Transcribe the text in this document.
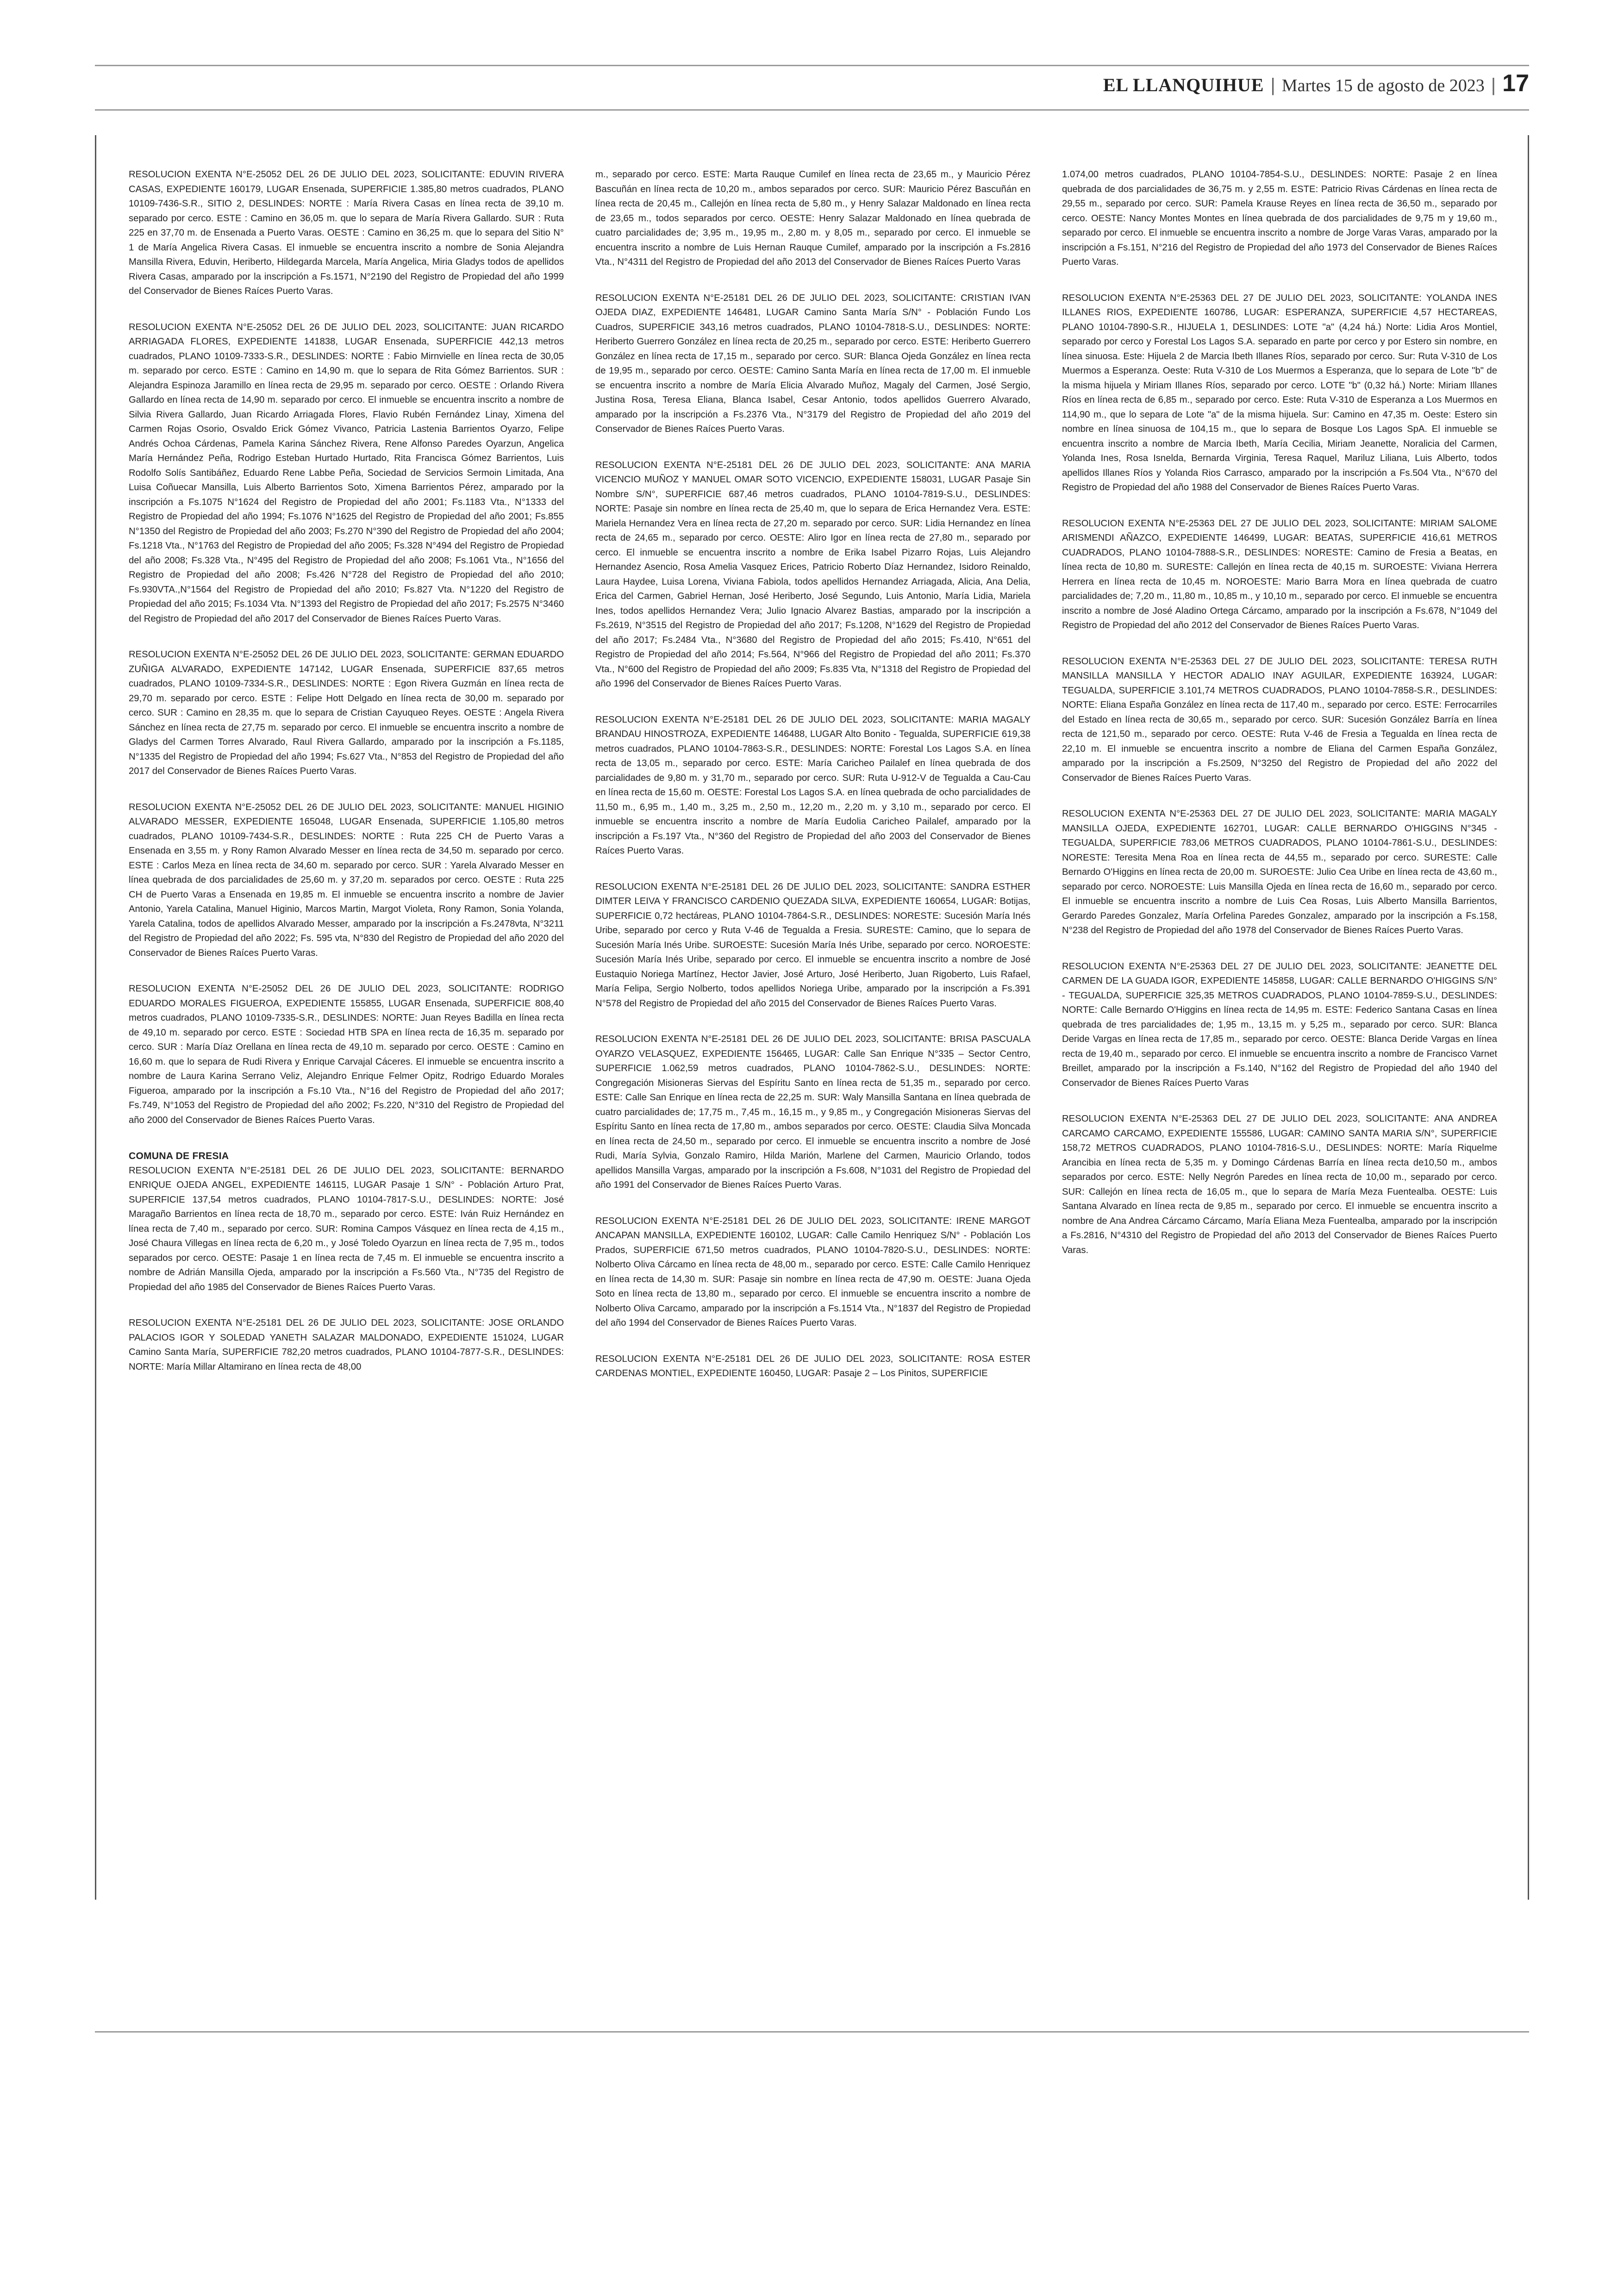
EL LLANQUIHUE | Martes 15 de agosto de 2023 | 17

RESOLUCION EXENTA N°E-25052 DEL 26 DE JULIO DEL 2023, SOLICITANTE: EDUVIN RIVERA CASAS, EXPEDIENTE 160179, LUGAR Ensenada, SUPERFICIE 1.385,80 metros cuadrados, PLANO 10109-7436-S.R., SITIO 2, DESLINDES: NORTE : María Rivera Casas en línea recta de 39,10 m. separado por cerco. ESTE : Camino en 36,05 m. que lo separa de María Rivera Gallardo. SUR : Ruta 225 en 37,70 m. de Ensenada a Puerto Varas. OESTE : Camino en 36,25 m. que lo separa del Sitio N° 1 de María Angelica Rivera Casas. El inmueble se encuentra inscrito a nombre de Sonia Alejandra Mansilla Rivera, Eduvin, Heriberto, Hildegarda Marcela, María Angelica, Miria Gladys todos de apellidos Rivera Casas, amparado por la inscripción a Fs.1571, N°2190 del Registro de Propiedad del año 1999 del Conservador de Bienes Raíces Puerto Varas.

RESOLUCION EXENTA N°E-25052 DEL 26 DE JULIO DEL 2023, SOLICITANTE: JUAN RICARDO ARRIAGADA FLORES, EXPEDIENTE 141838, LUGAR Ensenada, SUPERFICIE 442,13 metros cuadrados, PLANO 10109-7333-S.R., DESLINDES: NORTE : Fabio Mirnvielle en línea recta de 30,05 m. separado por cerco. ESTE : Camino en 14,90 m. que lo separa de Rita Gómez Barrientos. SUR : Alejandra Espinoza Jaramillo en línea recta de 29,95 m. separado por cerco. OESTE : Orlando Rivera Gallardo en línea recta de 14,90 m. separado por cerco. El inmueble se encuentra inscrito a nombre de Silvia Rivera Gallardo, Juan Ricardo Arriagada Flores, Flavio Rubén Fernández Linay, Ximena del Carmen Rojas Osorio, Osvaldo Erick Gómez Vivanco, Patricia Lastenia Barrientos Oyarzo, Felipe Andrés Ochoa Cárdenas, Pamela Karina Sánchez Rivera, Rene Alfonso Paredes Oyarzun, Angelica María Hernández Peña, Rodrigo Esteban Hurtado Hurtado, Rita Francisca Gómez Barrientos, Luis Rodolfo Solís Santibáñez, Eduardo Rene Labbe Peña, Sociedad de Servicios Sermoin Limitada, Ana Luisa Coñuecar Mansilla, Luis Alberto Barrientos Soto, Ximena Barrientos Pérez, amparado por la inscripción a Fs.1075 N°1624 del Registro de Propiedad del año 2001; Fs.1183 Vta., N°1333 del Registro de Propiedad del año 1994; Fs.1076 N°1625 del Registro de Propiedad del año 2001; Fs.855 N°1350 del Registro de Propiedad del año 2003; Fs.270 N°390 del Registro de Propiedad del año 2004; Fs.1218 Vta., N°1763 del Registro de Propiedad del año 2005; Fs.328 N°494 del Registro de Propiedad del año 2008; Fs.328 Vta., N°495 del Registro de Propiedad del año 2008; Fs.1061 Vta., N°1656 del Registro de Propiedad del año 2008; Fs.426 N°728 del Registro de Propiedad del año 2010; Fs.930VTA.,N°1564 del Registro de Propiedad del año 2010; Fs.827 Vta. N°1220 del Registro de Propiedad del año 2015; Fs.1034 Vta. N°1393 del Registro de Propiedad del año 2017; Fs.2575 N°3460 del Registro de Propiedad del año 2017 del Conservador de Bienes Raíces Puerto Varas.

RESOLUCION EXENTA N°E-25052 DEL 26 DE JULIO DEL 2023, SOLICITANTE: GERMAN EDUARDO ZUÑIGA ALVARADO, EXPEDIENTE 147142, LUGAR Ensenada, SUPERFICIE 837,65 metros cuadrados, PLANO 10109-7334-S.R., DESLINDES: NORTE : Egon Rivera Guzmán en línea recta de 29,70 m. separado por cerco. ESTE : Felipe Hott Delgado en línea recta de 30,00 m. separado por cerco. SUR : Camino en 28,35 m. que lo separa de Cristian Cayuqueo Reyes. OESTE : Angela Rivera Sánchez en línea recta de 27,75 m. separado por cerco. El inmueble se encuentra inscrito a nombre de Gladys del Carmen Torres Alvarado, Raul Rivera Gallardo, amparado por la inscripción a Fs.1185, N°1335 del Registro de Propiedad del año 1994; Fs.627 Vta., N°853 del Registro de Propiedad del año 2017 del Conservador de Bienes Raíces Puerto Varas.

RESOLUCION EXENTA N°E-25052 DEL 26 DE JULIO DEL 2023, SOLICITANTE: MANUEL HIGINIO ALVARADO MESSER, EXPEDIENTE 165048, LUGAR Ensenada, SUPERFICIE 1.105,80 metros cuadrados, PLANO 10109-7434-S.R., DESLINDES: NORTE : Ruta 225 CH de Puerto Varas a Ensenada en 3,55 m. y Rony Ramon Alvarado Messer en línea recta de 34,50 m. separado por cerco. ESTE : Carlos Meza en línea recta de 34,60 m. separado por cerco. SUR : Yarela Alvarado Messer en línea quebrada de dos parcialidades de 25,60 m. y 37,20 m. separados por cerco. OESTE : Ruta 225 CH de Puerto Varas a Ensenada en 19,85 m. El inmueble se encuentra inscrito a nombre de Javier Antonio, Yarela Catalina, Manuel Higinio, Marcos Martin, Margot Violeta, Rony Ramon, Sonia Yolanda, Yarela Catalina, todos de apellidos Alvarado Messer, amparado por la inscripción a Fs.2478vta, N°3211 del Registro de Propiedad del año 2022; Fs. 595 vta, N°830 del Registro de Propiedad del año 2020 del Conservador de Bienes Raíces Puerto Varas.

RESOLUCION EXENTA N°E-25052 DEL 26 DE JULIO DEL 2023, SOLICITANTE: RODRIGO EDUARDO MORALES FIGUEROA, EXPEDIENTE 155855, LUGAR Ensenada, SUPERFICIE 808,40 metros cuadrados, PLANO 10109-7335-S.R., DESLINDES: NORTE: Juan Reyes Badilla en línea recta de 49,10 m. separado por cerco. ESTE : Sociedad HTB SPA en línea recta de 16,35 m. separado por cerco. SUR : María Díaz Orellana en línea recta de 49,10 m. separado por cerco. OESTE : Camino en 16,60 m. que lo separa de Rudi Rivera y Enrique Carvajal Cáceres. El inmueble se encuentra inscrito a nombre de Laura Karina Serrano Veliz, Alejandro Enrique Felmer Opitz, Rodrigo Eduardo Morales Figueroa, amparado por la inscripción a Fs.10 Vta., N°16 del Registro de Propiedad del año 2017; Fs.749, N°1053 del Registro de Propiedad del año 2002; Fs.220, N°310 del Registro de Propiedad del año 2000 del Conservador de Bienes Raíces Puerto Varas.

COMUNA DE FRESIA

RESOLUCION EXENTA N°E-25181 DEL 26 DE JULIO DEL 2023, SOLICITANTE: BERNARDO ENRIQUE OJEDA ANGEL, EXPEDIENTE 146115, LUGAR Pasaje 1 S/N° - Población Arturo Prat, SUPERFICIE 137,54 metros cuadrados, PLANO 10104-7817-S.U., DESLINDES: NORTE: José Maragaño Barrientos en línea recta de 18,70 m., separado por cerco. ESTE: Iván Ruiz Hernández en línea recta de 7,40 m., separado por cerco. SUR: Romina Campos Vásquez en línea recta de 4,15 m., José Chaura Villegas en línea recta de 6,20 m., y José Toledo Oyarzun en línea recta de 7,95 m., todos separados por cerco. OESTE: Pasaje 1 en línea recta de 7,45 m. El inmueble se encuentra inscrito a nombre de Adrián Mansilla Ojeda, amparado por la inscripción a Fs.560 Vta., N°735 del Registro de Propiedad del año 1985 del Conservador de Bienes Raíces Puerto Varas.

RESOLUCION EXENTA N°E-25181 DEL 26 DE JULIO DEL 2023, SOLICITANTE: JOSE ORLANDO PALACIOS IGOR Y SOLEDAD YANETH SALAZAR MALDONADO, EXPEDIENTE 151024, LUGAR Camino Santa María, SUPERFICIE 782,20 metros cuadrados, PLANO 10104-7877-S.R., DESLINDES: NORTE: María Millar Altamirano en línea recta de 48,00

m., separado por cerco. ESTE: Marta Rauque Cumilef en línea recta de 23,65 m., y Mauricio Pérez Bascuñán en línea recta de 10,20 m., ambos separados por cerco. SUR: Mauricio Pérez Bascuñán en línea recta de 20,45 m., Callejón en línea recta de 5,80 m., y Henry Salazar Maldonado en línea recta de 23,65 m., todos separados por cerco. OESTE: Henry Salazar Maldonado en línea quebrada de cuatro parcialidades de; 3,95 m., 19,95 m., 2,80 m. y 8,05 m., separado por cerco. El inmueble se encuentra inscrito a nombre de Luis Hernan Rauque Cumilef, amparado por la inscripción a Fs.2816 Vta., N°4311 del Registro de Propiedad del año 2013 del Conservador de Bienes Raíces Puerto Varas

RESOLUCION EXENTA N°E-25181 DEL 26 DE JULIO DEL 2023, SOLICITANTE: CRISTIAN IVAN OJEDA DIAZ, EXPEDIENTE 146481, LUGAR Camino Santa María S/N° - Población Fundo Los Cuadros, SUPERFICIE 343,16 metros cuadrados, PLANO 10104-7818-S.U., DESLINDES: NORTE: Heriberto Guerrero González en línea recta de 20,25 m., separado por cerco. ESTE: Heriberto Guerrero González en línea recta de 17,15 m., separado por cerco. SUR: Blanca Ojeda González en línea recta de 19,95 m., separado por cerco. OESTE: Camino Santa María en línea recta de 17,00 m. El inmueble se encuentra inscrito a nombre de María Elicia Alvarado Muñoz, Magaly del Carmen, José Sergio, Justina Rosa, Teresa Eliana, Blanca Isabel, Cesar Antonio, todos apellidos Guerrero Alvarado, amparado por la inscripción a Fs.2376 Vta., N°3179 del Registro de Propiedad del año 2019 del Conservador de Bienes Raíces Puerto Varas.

RESOLUCION EXENTA N°E-25181 DEL 26 DE JULIO DEL 2023, SOLICITANTE: ANA MARIA VICENCIO MUÑOZ Y MANUEL OMAR SOTO VICENCIO, EXPEDIENTE 158031, LUGAR Pasaje Sin Nombre S/N°, SUPERFICIE 687,46 metros cuadrados, PLANO 10104-7819-S.U., DESLINDES: NORTE: Pasaje sin nombre en línea recta de 25,40 m, que lo separa de Erica Hernandez Vera. ESTE: Mariela Hernandez Vera en línea recta de 27,20 m. separado por cerco. SUR: Lidia Hernandez en línea recta de 24,65 m., separado por cerco. OESTE: Aliro Igor en línea recta de 27,80 m., separado por cerco. El inmueble se encuentra inscrito a nombre de Erika Isabel Pizarro Rojas, Luis Alejandro Hernandez Asencio, Rosa Amelia Vasquez Erices, Patricio Roberto Díaz Hernandez, Isidoro Reinaldo, Laura Haydee, Luisa Lorena, Viviana Fabiola, todos apellidos Hernandez Arriagada, Alicia, Ana Delia, Erica del Carmen, Gabriel Hernan, José Heriberto, José Segundo, Luis Antonio, María Lidia, Mariela Ines, todos apellidos Hernandez Vera; Julio Ignacio Alvarez Bastias, amparado por la inscripción a Fs.2619, N°3515 del Registro de Propiedad del año 2017; Fs.1208, N°1629 del Registro de Propiedad del año 2017; Fs.2484 Vta., N°3680 del Registro de Propiedad del año 2015; Fs.410, N°651 del Registro de Propiedad del año 2014; Fs.564, N°966 del Registro de Propiedad del año 2011; Fs.370 Vta., N°600 del Registro de Propiedad del año 2009; Fs.835 Vta, N°1318 del Registro de Propiedad del año 1996 del Conservador de Bienes Raíces Puerto Varas.

RESOLUCION EXENTA N°E-25181 DEL 26 DE JULIO DEL 2023, SOLICITANTE: MARIA MAGALY BRANDAU HINOSTROZA, EXPEDIENTE 146488, LUGAR Alto Bonito - Tegualda, SUPERFICIE 619,38 metros cuadrados, PLANO 10104-7863-S.R., DESLINDES: NORTE: Forestal Los Lagos S.A. en línea recta de 13,05 m., separado por cerco. ESTE: María Caricheo Pailalef en línea quebrada de dos parcialidades de 9,80 m. y 31,70 m., separado por cerco. SUR: Ruta U-912-V de Tegualda a Cau-Cau en línea recta de 15,60 m. OESTE: Forestal Los Lagos S.A. en línea quebrada de ocho parcialidades de 11,50 m., 6,95 m., 1,40 m., 3,25 m., 2,50 m., 12,20 m., 2,20 m. y 3,10 m., separado por cerco. El inmueble se encuentra inscrito a nombre de María Eudolia Caricheo Pailalef, amparado por la inscripción a Fs.197 Vta., N°360 del Registro de Propiedad del año 2003 del Conservador de Bienes Raíces Puerto Varas.

RESOLUCION EXENTA N°E-25181 DEL 26 DE JULIO DEL 2023, SOLICITANTE: SANDRA ESTHER DIMTER LEIVA Y FRANCISCO CARDENIO QUEZADA SILVA, EXPEDIENTE 160654, LUGAR: Botijas, SUPERFICIE 0,72 hectáreas, PLANO 10104-7864-S.R., DESLINDES: NORESTE: Sucesión María Inés Uribe, separado por cerco y Ruta V-46 de Tegualda a Fresia. SURESTE: Camino, que lo separa de Sucesión María Inés Uribe. SUROESTE: Sucesión María Inés Uribe, separado por cerco. NOROESTE: Sucesión María Inés Uribe, separado por cerco. El inmueble se encuentra inscrito a nombre de José Eustaquio Noriega Martínez, Hector Javier, José Arturo, José Heriberto, Juan Rigoberto, Luis Rafael, María Felipa, Sergio Nolberto, todos apellidos Noriega Uribe, amparado por la inscripción a Fs.391 N°578 del Registro de Propiedad del año 2015 del Conservador de Bienes Raíces Puerto Varas.

RESOLUCION EXENTA N°E-25181 DEL 26 DE JULIO DEL 2023, SOLICITANTE: BRISA PASCUALA OYARZO VELASQUEZ, EXPEDIENTE 156465, LUGAR: Calle San Enrique N°335 – Sector Centro, SUPERFICIE 1.062,59 metros cuadrados, PLANO 10104-7862-S.U., DESLINDES: NORTE: Congregación Misioneras Siervas del Espíritu Santo en línea recta de 51,35 m., separado por cerco. ESTE: Calle San Enrique en línea recta de 22,25 m. SUR: Waly Mansilla Santana en línea quebrada de cuatro parcialidades de; 17,75 m., 7,45 m., 16,15 m., y 9,85 m., y Congregación Misioneras Siervas del Espíritu Santo en línea recta de 17,80 m., ambos separados por cerco. OESTE: Claudia Silva Moncada en línea recta de 24,50 m., separado por cerco. El inmueble se encuentra inscrito a nombre de José Rudi, María Sylvia, Gonzalo Ramiro, Hilda Marión, Marlene del Carmen, Mauricio Orlando, todos apellidos Mansilla Vargas, amparado por la inscripción a Fs.608, N°1031 del Registro de Propiedad del año 1991 del Conservador de Bienes Raíces Puerto Varas.

RESOLUCION EXENTA N°E-25181 DEL 26 DE JULIO DEL 2023, SOLICITANTE: IRENE MARGOT ANCAPAN MANSILLA, EXPEDIENTE 160102, LUGAR: Calle Camilo Henriquez S/N° - Población Los Prados, SUPERFICIE 671,50 metros cuadrados, PLANO 10104-7820-S.U., DESLINDES: NORTE: Nolberto Oliva Cárcamo en línea recta de 48,00 m., separado por cerco. ESTE: Calle Camilo Henriquez en línea recta de 14,30 m. SUR: Pasaje sin nombre en línea recta de 47,90 m. OESTE: Juana Ojeda Soto en línea recta de 13,80 m., separado por cerco. El inmueble se encuentra inscrito a nombre de Nolberto Oliva Carcamo, amparado por la inscripción a Fs.1514 Vta., N°1837 del Registro de Propiedad del año 1994 del Conservador de Bienes Raíces Puerto Varas.

RESOLUCION EXENTA N°E-25181 DEL 26 DE JULIO DEL 2023, SOLICITANTE: ROSA ESTER CARDENAS MONTIEL, EXPEDIENTE 160450, LUGAR: Pasaje 2 – Los Pinitos, SUPERFICIE

1.074,00 metros cuadrados, PLANO 10104-7854-S.U., DESLINDES: NORTE: Pasaje 2 en línea quebrada de dos parcialidades de 36,75 m. y 2,55 m. ESTE: Patricio Rivas Cárdenas en línea recta de 29,55 m., separado por cerco. SUR: Pamela Krause Reyes en línea recta de 36,50 m., separado por cerco. OESTE: Nancy Montes Montes en línea quebrada de dos parcialidades de 9,75 m y 19,60 m., separado por cerco. El inmueble se encuentra inscrito a nombre de Jorge Varas Varas, amparado por la inscripción a Fs.151, N°216 del Registro de Propiedad del año 1973 del Conservador de Bienes Raíces Puerto Varas.

RESOLUCION EXENTA N°E-25363 DEL 27 DE JULIO DEL 2023, SOLICITANTE: YOLANDA INES ILLANES RIOS, EXPEDIENTE 160786, LUGAR: ESPERANZA, SUPERFICIE 4,57 HECTAREAS, PLANO 10104-7890-S.R., HIJUELA 1, DESLINDES: LOTE "a" (4,24 há.) Norte: Lidia Aros Montiel, separado por cerco y Forestal Los Lagos S.A. separado en parte por cerco y por Estero sin nombre, en línea sinuosa. Este: Hijuela 2 de Marcia Ibeth Illanes Ríos, separado por cerco. Sur: Ruta V-310 de Los Muermos a Esperanza. Oeste: Ruta V-310 de Los Muermos a Esperanza, que lo separa de Lote "b" de la misma hijuela y Miriam Illanes Ríos, separado por cerco. LOTE "b" (0,32 há.) Norte: Miriam Illanes Ríos en línea recta de 6,85 m., separado por cerco. Este: Ruta V-310 de Esperanza a Los Muermos en 114,90 m., que lo separa de Lote "a" de la misma hijuela. Sur: Camino en 47,35 m. Oeste: Estero sin nombre en línea sinuosa de 104,15 m., que lo separa de Bosque Los Lagos SpA. El inmueble se encuentra inscrito a nombre de Marcia Ibeth, María Cecilia, Miriam Jeanette, Noralicia del Carmen, Yolanda Ines, Rosa Isnelda, Bernarda Virginia, Teresa Raquel, Mariluz Liliana, Luis Alberto, todos apellidos Illanes Ríos y Yolanda Rios Carrasco, amparado por la inscripción a Fs.504 Vta., N°670 del Registro de Propiedad del año 1988 del Conservador de Bienes Raíces Puerto Varas.

RESOLUCION EXENTA N°E-25363 DEL 27 DE JULIO DEL 2023, SOLICITANTE: MIRIAM SALOME ARISMENDI AÑAZCO, EXPEDIENTE 146499, LUGAR: BEATAS, SUPERFICIE 416,61 METROS CUADRADOS, PLANO 10104-7888-S.R., DESLINDES: NORESTE: Camino de Fresia a Beatas, en línea recta de 10,80 m. SURESTE: Callejón en línea recta de 40,15 m. SUROESTE: Viviana Herrera Herrera en línea recta de 10,45 m. NOROESTE: Mario Barra Mora en línea quebrada de cuatro parcialidades de; 7,20 m., 11,80 m., 10,85 m., y 10,10 m., separado por cerco. El inmueble se encuentra inscrito a nombre de José Aladino Ortega Cárcamo, amparado por la inscripción a Fs.678, N°1049 del Registro de Propiedad del año 2012 del Conservador de Bienes Raíces Puerto Varas.

RESOLUCION EXENTA N°E-25363 DEL 27 DE JULIO DEL 2023, SOLICITANTE: TERESA RUTH MANSILLA MANSILLA Y HECTOR ADALIO INAY AGUILAR, EXPEDIENTE 163924, LUGAR: TEGUALDA, SUPERFICIE 3.101,74 METROS CUADRADOS, PLANO 10104-7858-S.R., DESLINDES: NORTE: Eliana España González en línea recta de 117,40 m., separado por cerco. ESTE: Ferrocarriles del Estado en línea recta de 30,65 m., separado por cerco. SUR: Sucesión González Barría en línea recta de 121,50 m., separado por cerco. OESTE: Ruta V-46 de Fresia a Tegualda en línea recta de 22,10 m. El inmueble se encuentra inscrito a nombre de Eliana del Carmen España González, amparado por la inscripción a Fs.2509, N°3250 del Registro de Propiedad del año 2022 del Conservador de Bienes Raíces Puerto Varas.

RESOLUCION EXENTA N°E-25363 DEL 27 DE JULIO DEL 2023, SOLICITANTE: MARIA MAGALY MANSILLA OJEDA, EXPEDIENTE 162701, LUGAR: CALLE BERNARDO O'HIGGINS N°345 - TEGUALDA, SUPERFICIE 783,06 METROS CUADRADOS, PLANO 10104-7861-S.U., DESLINDES: NORESTE: Teresita Mena Roa en línea recta de 44,55 m., separado por cerco. SURESTE: Calle Bernardo O'Higgins en línea recta de 20,00 m. SUROESTE: Julio Cea Uribe en línea recta de 43,60 m., separado por cerco. NOROESTE: Luis Mansilla Ojeda en línea recta de 16,60 m., separado por cerco. El inmueble se encuentra inscrito a nombre de Luis Cea Rosas, Luis Alberto Mansilla Barrientos, Gerardo Paredes Gonzalez, María Orfelina Paredes Gonzalez, amparado por la inscripción a Fs.158, N°238 del Registro de Propiedad del año 1978 del Conservador de Bienes Raíces Puerto Varas.

RESOLUCION EXENTA N°E-25363 DEL 27 DE JULIO DEL 2023, SOLICITANTE: JEANETTE DEL CARMEN DE LA GUADA IGOR, EXPEDIENTE 145858, LUGAR: CALLE BERNARDO O'HIGGINS S/N° - TEGUALDA, SUPERFICIE 325,35 METROS CUADRADOS, PLANO 10104-7859-S.U., DESLINDES: NORTE: Calle Bernardo O'Higgins en línea recta de 14,95 m. ESTE: Federico Santana Casas en línea quebrada de tres parcialidades de; 1,95 m., 13,15 m. y 5,25 m., separado por cerco. SUR: Blanca Deride Vargas en línea recta de 17,85 m., separado por cerco. OESTE: Blanca Deride Vargas en línea recta de 19,40 m., separado por cerco. El inmueble se encuentra inscrito a nombre de Francisco Varnet Breillet, amparado por la inscripción a Fs.140, N°162 del Registro de Propiedad del año 1940 del Conservador de Bienes Raíces Puerto Varas

RESOLUCION EXENTA N°E-25363 DEL 27 DE JULIO DEL 2023, SOLICITANTE: ANA ANDREA CARCAMO CARCAMO, EXPEDIENTE 155586, LUGAR: CAMINO SANTA MARIA S/N°, SUPERFICIE 158,72 METROS CUADRADOS, PLANO 10104-7816-S.U., DESLINDES: NORTE: María Riquelme Arancibia en línea recta de 5,35 m. y Domingo Cárdenas Barría en línea recta de10,50 m., ambos separados por cerco. ESTE: Nelly Negrón Paredes en línea recta de 10,00 m., separado por cerco. SUR: Callejón en línea recta de 16,05 m., que lo separa de María Meza Fuentealba. OESTE: Luis Santana Alvarado en línea recta de 9,85 m., separado por cerco. El inmueble se encuentra inscrito a nombre de Ana Andrea Cárcamo Cárcamo, María Eliana Meza Fuentealba, amparado por la inscripción a Fs.2816, N°4310 del Registro de Propiedad del año 2013 del Conservador de Bienes Raíces Puerto Varas.
